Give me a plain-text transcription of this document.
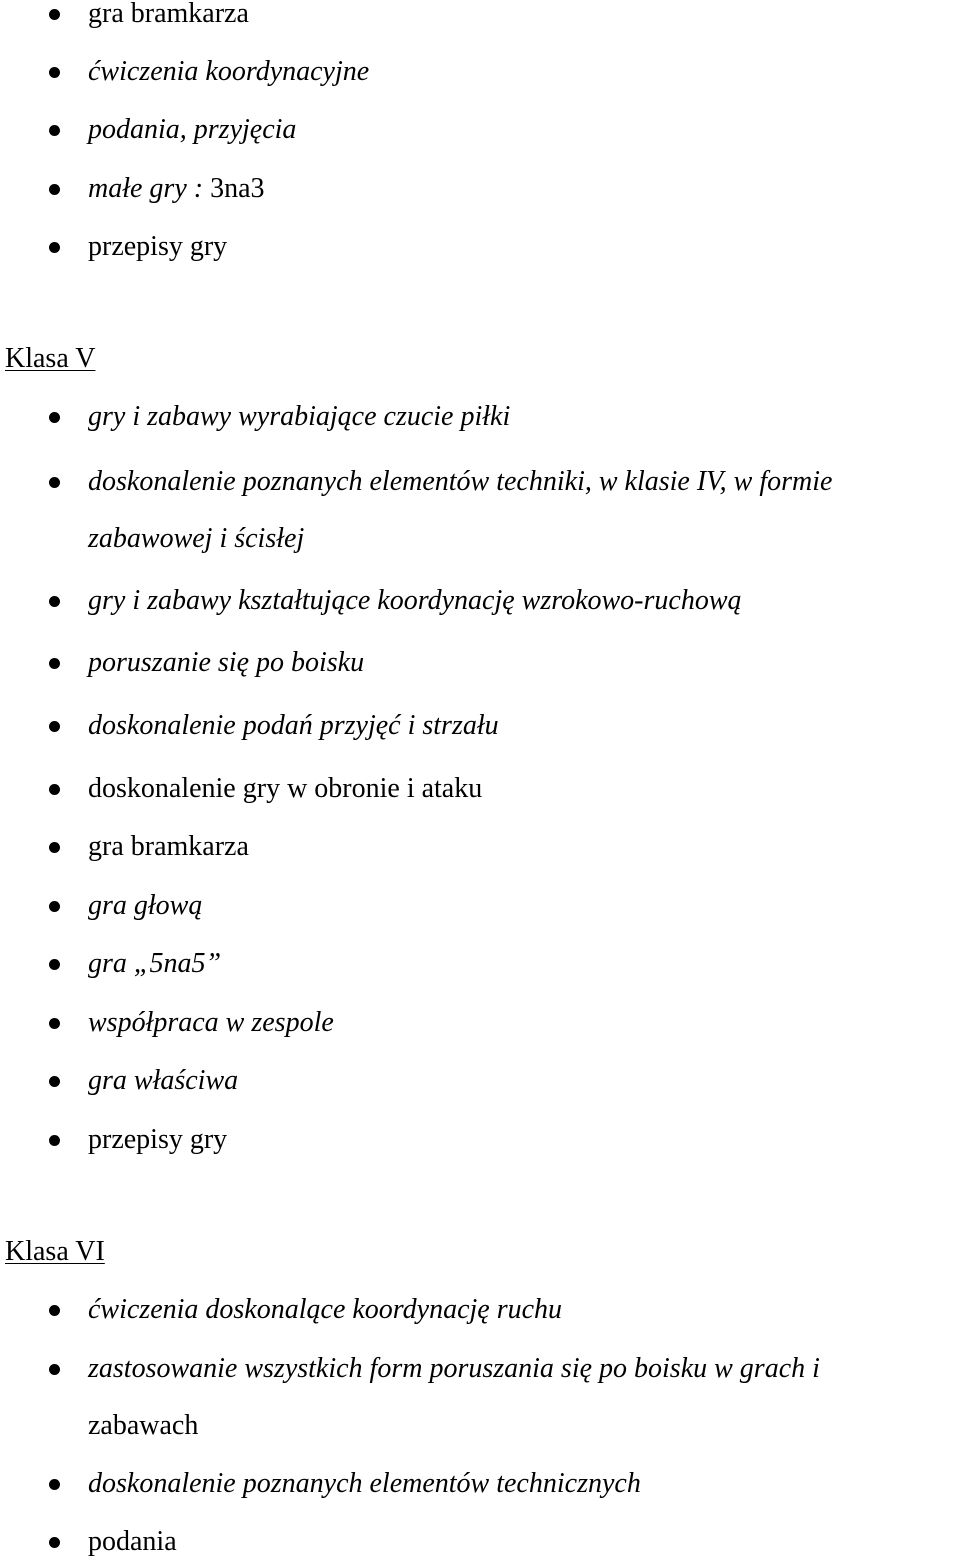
gra bramkarza
ćwiczenia koordynacyjne
podania, przyjęcia
małe gry : 3na3
przepisy gry
Klasa V
gry i zabawy wyrabiające czucie piłki
doskonalenie poznanych elementów techniki, w klasie IV, w formie
zabawowej i ścisłej
gry i zabawy kształtujące koordynację wzrokowo-ruchową
poruszanie się po boisku
doskonalenie podań przyjęć i strzału
doskonalenie gry w obronie i ataku
gra bramkarza
gra głową
gra „5na5”
współpraca w zespole
gra właściwa
przepisy gry
Klasa VI
ćwiczenia doskonalące koordynację ruchu
zastosowanie wszystkich form poruszania się po boisku w grach i
zabawach
doskonalenie poznanych elementów technicznych
podania
